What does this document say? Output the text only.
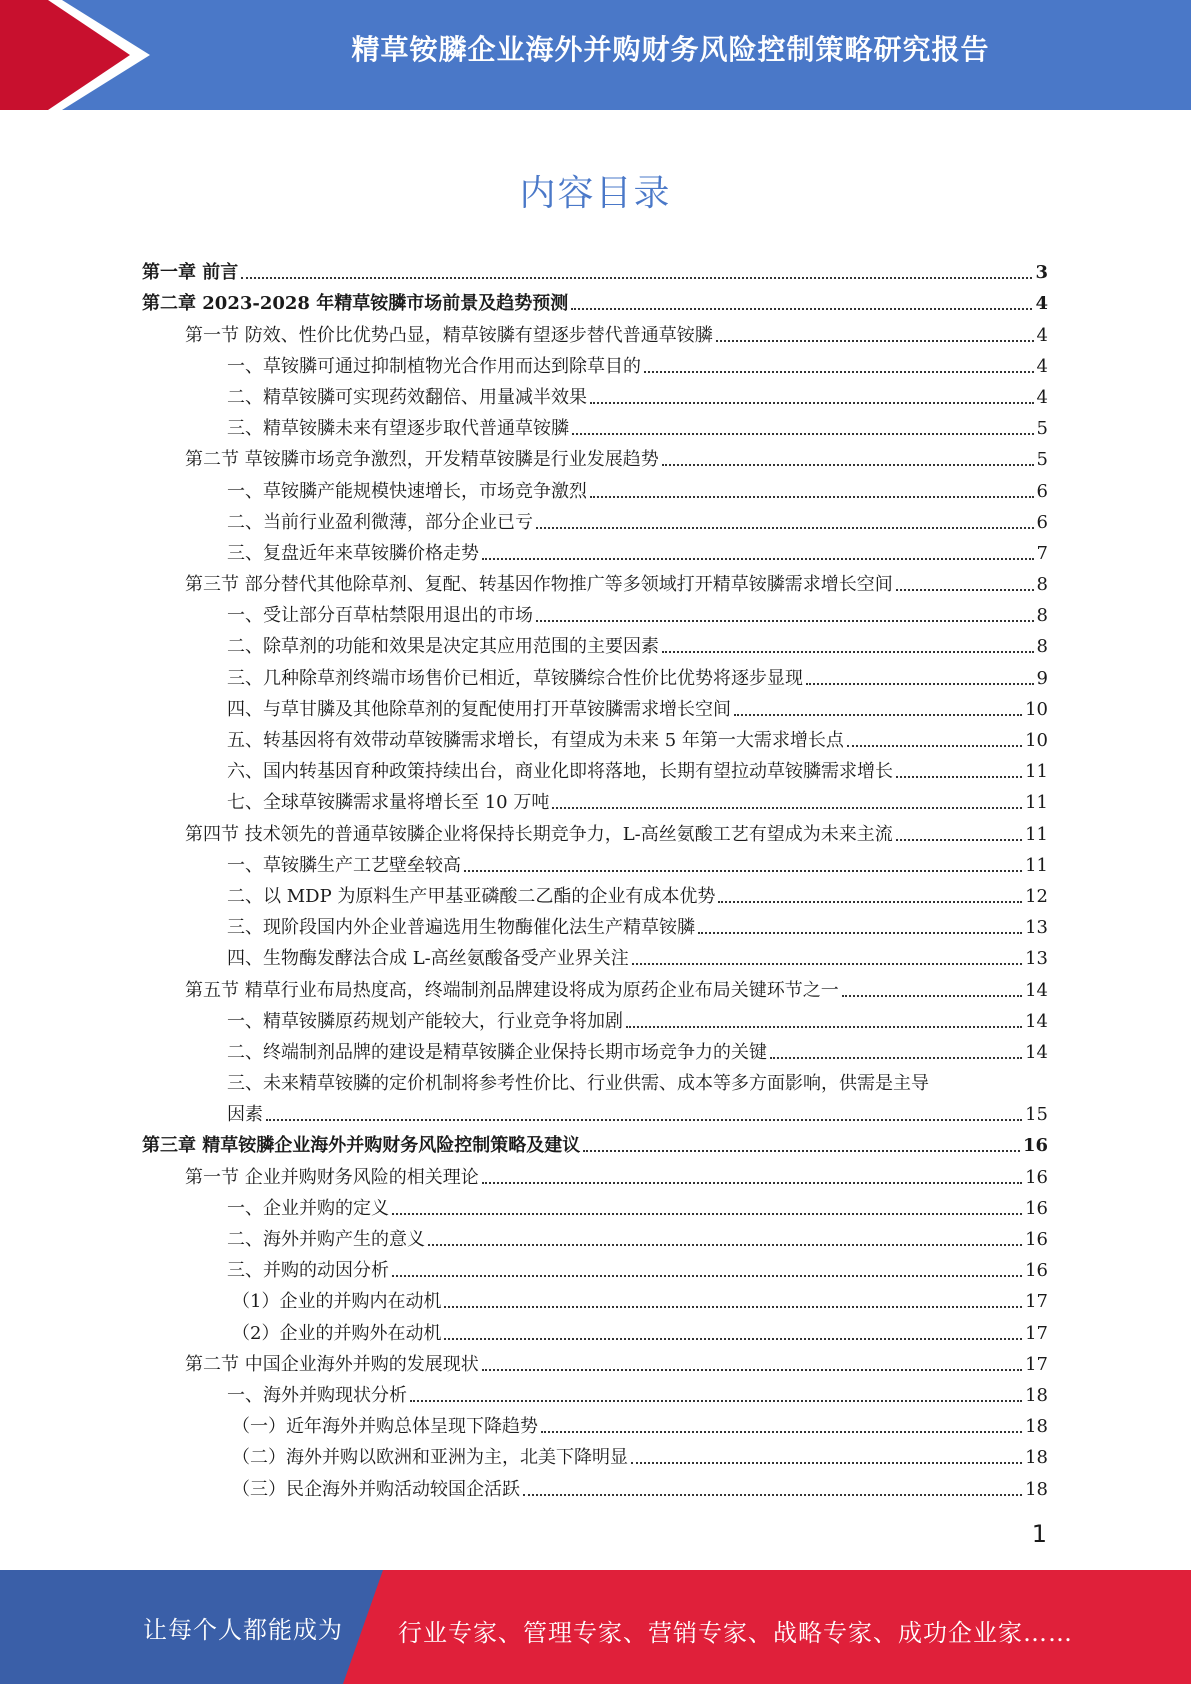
精草铵膦企业海外并购财务风险控制策略研究报告
内容目录
第一章 前言	3
第二章 2023-2028 年精草铵膦市场前景及趋势预测	4
第一节 防效、性价比优势凸显，精草铵膦有望逐步替代普通草铵膦	4
一、草铵膦可通过抑制植物光合作用而达到除草目的	4
二、精草铵膦可实现药效翻倍、用量减半效果	4
三、精草铵膦未来有望逐步取代普通草铵膦	5
第二节 草铵膦市场竞争激烈，开发精草铵膦是行业发展趋势	5
一、草铵膦产能规模快速增长，市场竞争激烈	6
二、当前行业盈利微薄，部分企业已亏	6
三、复盘近年来草铵膦价格走势	7
第三节 部分替代其他除草剂、复配、转基因作物推广等多领域打开精草铵膦需求增长空间	8
一、受让部分百草枯禁限用退出的市场	8
二、除草剂的功能和效果是决定其应用范围的主要因素	8
三、几种除草剂终端市场售价已相近，草铵膦综合性价比优势将逐步显现	9
四、与草甘膦及其他除草剂的复配使用打开草铵膦需求增长空间	10
五、转基因将有效带动草铵膦需求增长，有望成为未来 5 年第一大需求增长点	10
六、国内转基因育种政策持续出台，商业化即将落地，长期有望拉动草铵膦需求增长	11
七、全球草铵膦需求量将增长至 10 万吨	11
第四节 技术领先的普通草铵膦企业将保持长期竞争力，L-高丝氨酸工艺有望成为未来主流	11
一、草铵膦生产工艺壁垒较高	11
二、以 MDP 为原料生产甲基亚磷酸二乙酯的企业有成本优势	12
三、现阶段国内外企业普遍选用生物酶催化法生产精草铵膦	13
四、生物酶发酵法合成 L-高丝氨酸备受产业界关注	13
第五节 精草行业布局热度高，终端制剂品牌建设将成为原药企业布局关键环节之一	14
一、精草铵膦原药规划产能较大，行业竞争将加剧	14
二、终端制剂品牌的建设是精草铵膦企业保持长期市场竞争力的关键	14
三、未来精草铵膦的定价机制将参考性价比、行业供需、成本等多方面影响，供需是主导
因素	15
第三章 精草铵膦企业海外并购财务风险控制策略及建议	16
第一节 企业并购财务风险的相关理论	16
一、企业并购的定义	16
二、海外并购产生的意义	16
三、并购的动因分析	16
（1）企业的并购内在动机	17
（2）企业的并购外在动机	17
第二节 中国企业海外并购的发展现状	17
一、海外并购现状分析	18
（一）近年海外并购总体呈现下降趋势	18
（二）海外并购以欧洲和亚洲为主，北美下降明显	18
（三）民企海外并购活动较国企活跃	18
1
让每个人都能成为 行业专家、管理专家、营销专家、战略专家、成功企业家……
